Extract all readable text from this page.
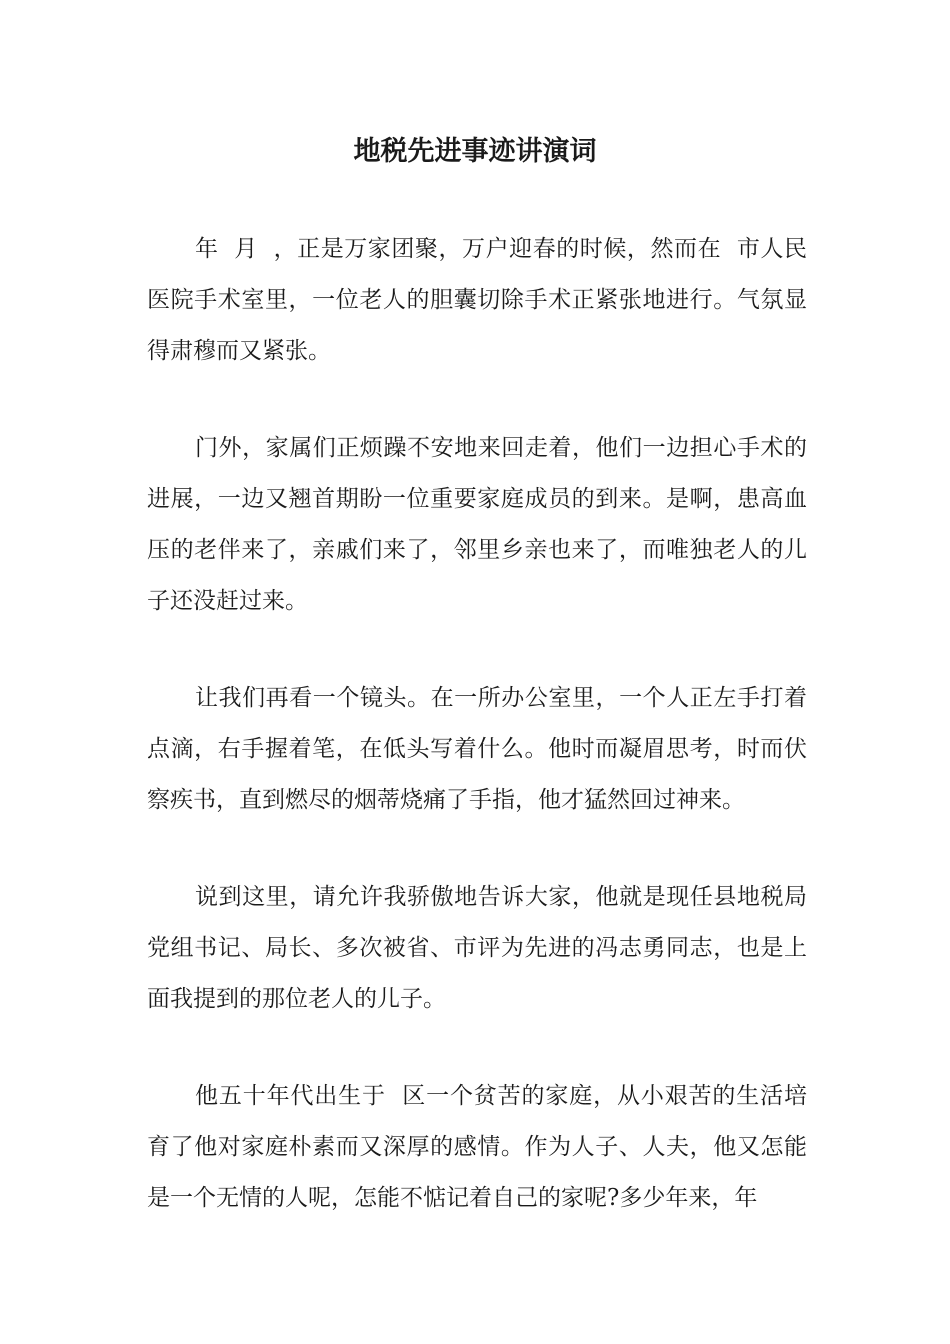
地税先进事迹讲演词

年  月  ，正是万家团聚，万户迎春的时候，然而在  市人民医院手术室里，一位老人的胆囊切除手术正紧张地进行。气氛显得肃穆而又紧张。

门外，家属们正烦躁不安地来回走着，他们一边担心手术的进展，一边又翘首期盼一位重要家庭成员的到来。是啊，患高血压的老伴来了，亲戚们来了，邻里乡亲也来了，而唯独老人的儿子还没赶过来。

让我们再看一个镜头。在一所办公室里，一个人正左手打着点滴，右手握着笔，在低头写着什么。他时而凝眉思考，时而伏察疾书，直到燃尽的烟蒂烧痛了手指，他才猛然回过神来。

说到这里，请允许我骄傲地告诉大家，他就是现任县地税局党组书记、局长、多次被省、市评为先进的冯志勇同志，也是上面我提到的那位老人的儿子。

他五十年代出生于  区一个贫苦的家庭，从小艰苦的生活培育了他对家庭朴素而又深厚的感情。作为人子、人夫，他又怎能是一个无情的人呢，怎能不惦记着自己的家呢?多少年来，年
